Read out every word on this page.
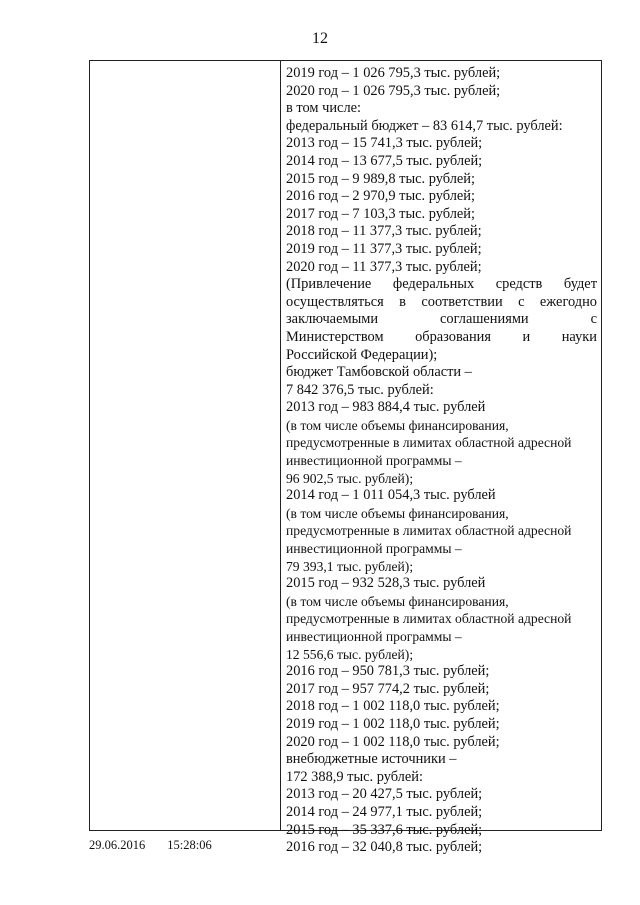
12
2019 год – 1 026 795,3 тыс. рублей;
2020 год – 1 026 795,3 тыс. рублей;
в том числе:
федеральный бюджет – 83 614,7 тыс. рублей:
2013 год – 15 741,3 тыс. рублей;
2014 год – 13 677,5 тыс. рублей;
2015 год – 9 989,8 тыс. рублей;
2016 год – 2 970,9 тыс. рублей;
2017 год – 7 103,3 тыс. рублей;
2018 год – 11 377,3 тыс. рублей;
2019 год – 11 377,3 тыс. рублей;
2020 год – 11 377,3 тыс. рублей;
(Привлечение федеральных средств будет
осуществляться в соответствии с ежегодно
заключаемыми	соглашениями	с
Министерством образования и науки
Российской Федерации);
бюджет Тамбовской области –
7 842 376,5 тыс. рублей:
2013 год – 983 884,4 тыс. рублей
(в том числе объемы финансирования,
предусмотренные в лимитах областной адресной
инвестиционной программы –
96 902,5 тыс. рублей);
2014 год – 1 011 054,3 тыс. рублей
(в том числе объемы финансирования,
предусмотренные в лимитах областной адресной
инвестиционной программы –
79 393,1 тыс. рублей);
2015 год – 932 528,3 тыс. рублей
(в том числе объемы финансирования,
предусмотренные в лимитах областной адресной
инвестиционной программы –
12 556,6 тыс. рублей);
2016 год – 950 781,3 тыс. рублей;
2017 год – 957 774,2 тыс. рублей;
2018 год – 1 002 118,0 тыс. рублей;
2019 год – 1 002 118,0 тыс. рублей;
2020 год – 1 002 118,0 тыс. рублей;
внебюджетные источники –
172 388,9 тыс. рублей:
2013 год – 20 427,5 тыс. рублей;
2014 год – 24 977,1 тыс. рублей;
2015 год – 35 337,6 тыс. рублей;
2016 год – 32 040,8 тыс. рублей;
29.06.2016 15:28:06
